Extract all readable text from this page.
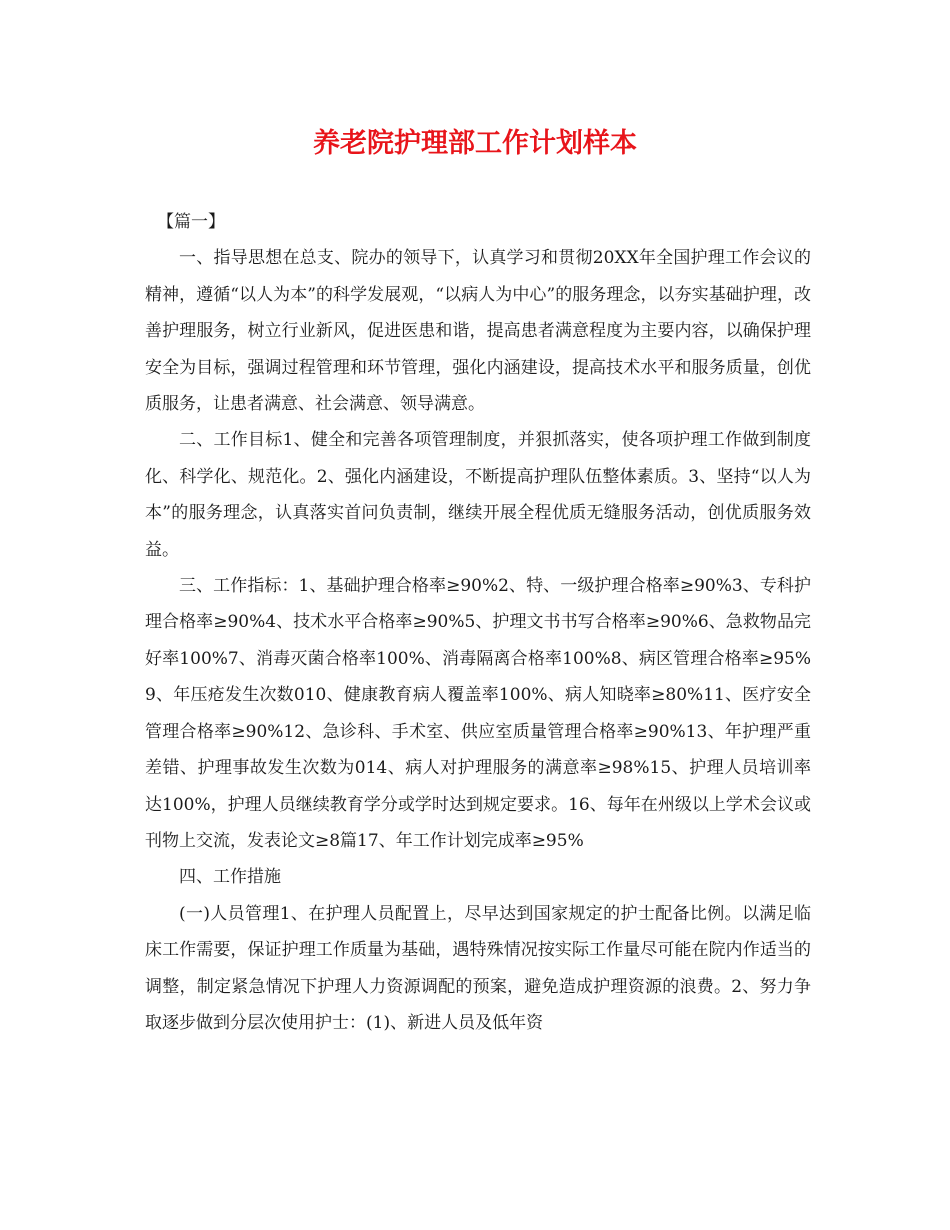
养老院护理部工作计划样本

【篇一】

一、指导思想在总支、院办的领导下，认真学习和贯彻20XX年全国护理工作会议的精神，遵循“以人为本”的科学发展观，“以病人为中心”的服务理念，以夯实基础护理，改善护理服务，树立行业新风，促进医患和谐，提高患者满意程度为主要内容，以确保护理安全为目标，强调过程管理和环节管理，强化内涵建设，提高技术水平和服务质量，创优质服务，让患者满意、社会满意、领导满意。

二、工作目标1、健全和完善各项管理制度，并狠抓落实，使各项护理工作做到制度化、科学化、规范化。2、强化内涵建设，不断提高护理队伍整体素质。3、坚持“以人为本”的服务理念，认真落实首问负责制，继续开展全程优质无缝服务活动，创优质服务效益。

三、工作指标：1、基础护理合格率≥90%2、特、一级护理合格率≥90%3、专科护理合格率≥90%4、技术水平合格率≥90%5、护理文书书写合格率≥90%6、急救物品完好率100%7、消毒灭菌合格率100%、消毒隔离合格率100%8、病区管理合格率≥95%9、年压疮发生次数010、健康教育病人覆盖率100%、病人知晓率≥80%11、医疗安全管理合格率≥90%12、急诊科、手术室、供应室质量管理合格率≥90%13、年护理严重差错、护理事故发生次数为014、病人对护理服务的满意率≥98%15、护理人员培训率达100%，护理人员继续教育学分或学时达到规定要求。16、每年在州级以上学术会议或刊物上交流，发表论文≥8篇17、年工作计划完成率≥95%

四、工作措施

(一)人员管理1、在护理人员配置上，尽早达到国家规定的护士配备比例。以满足临床工作需要，保证护理工作质量为基础，遇特殊情况按实际工作量尽可能在院内作适当的调整，制定紧急情况下护理人力资源调配的预案，避免造成护理资源的浪费。2、努力争取逐步做到分层次使用护士：(1)、新进人员及低年资
